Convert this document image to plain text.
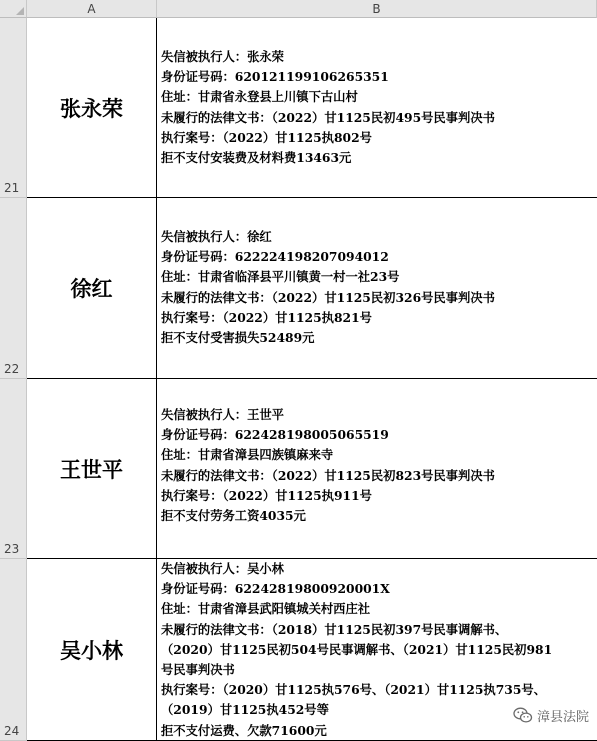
A	B
21
张永荣
失信被执行人：张永荣
身份证号码：620121199106265351
住址：甘肃省永登县上川镇下古山村
未履行的法律文书：（2022）甘1125民初495号民事判决书
执行案号：（2022）甘1125执802号
拒不支付安装费及材料费13463元
22
徐红
失信被执行人：徐红
身份证号码：622224198207094012
住址：甘肃省临泽县平川镇黄一村一社23号
未履行的法律文书：（2022）甘1125民初326号民事判决书
执行案号：（2022）甘1125执821号
拒不支付受害损失52489元
23
王世平
失信被执行人：王世平
身份证号码：622428198005065519
住址：甘肃省漳县四族镇麻来寺
未履行的法律文书：（2022）甘1125民初823号民事判决书
执行案号：（2022）甘1125执911号
拒不支付劳务工资4035元
24
吴小林
失信被执行人：吴小林
身份证号码：62242819800920001X
住址：甘肃省漳县武阳镇城关村西庄社
未履行的法律文书：（2018）甘1125民初397号民事调解书、
（2020）甘1125民初504号民事调解书、（2021）甘1125民初981
号民事判决书
执行案号：（2020）甘1125执576号、（2021）甘1125执735号、
（2019）甘1125执452号等
拒不支付运费、欠款71600元
漳县法院
